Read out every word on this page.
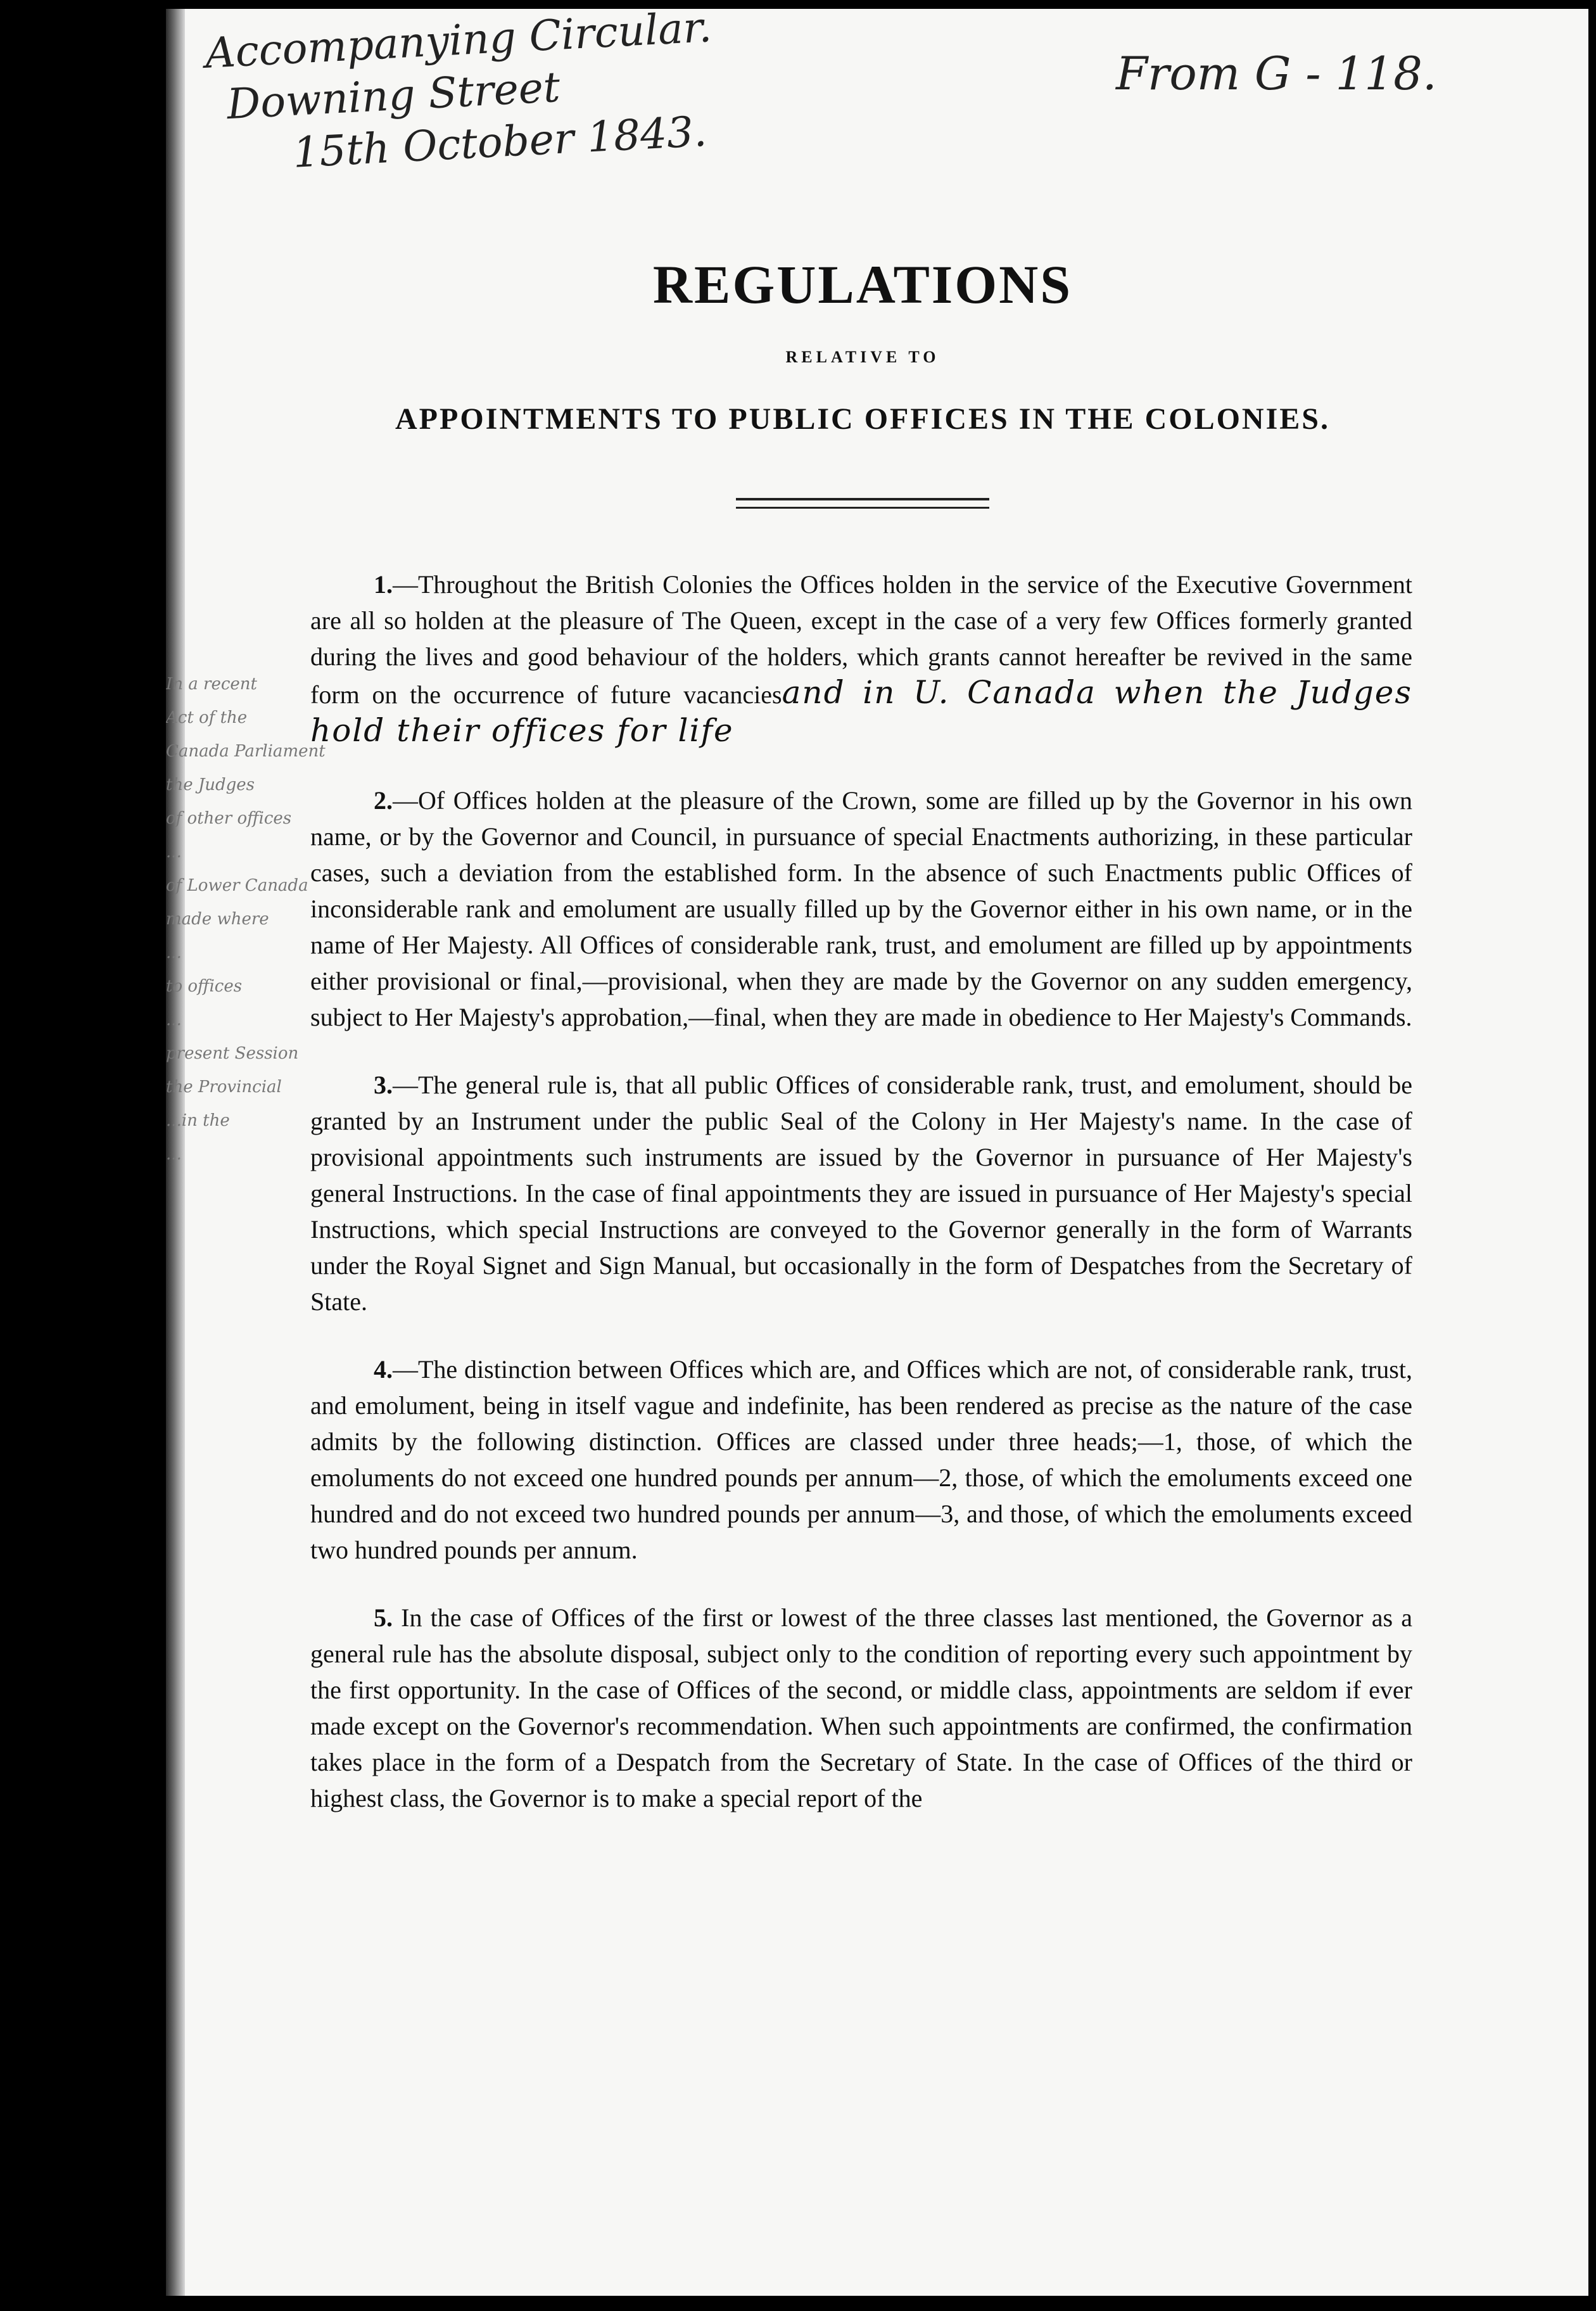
Accompanying Circular.
Downing Street
15th October 1843.
From G - 118.
In a recent
Act of the
Canada Parliament
the Judges
of other offices
...
of Lower Canada
made where
...
to offices
...
present Session
the Provincial
...in the
...
REGULATIONS
RELATIVE TO
APPOINTMENTS TO PUBLIC OFFICES IN THE COLONIES.

1.—Throughout the British Colonies the Offices holden in the service of the Executive Government are all so holden at the pleasure of The Queen, except in the case of a very few Offices formerly granted during the lives and good behaviour of the holders, which grants cannot hereafter be revived in the same form on the occurrence of future vacanciesand in U. Canada when the Judges hold their offices for life

2.—Of Offices holden at the pleasure of the Crown, some are filled up by the Governor in his own name, or by the Governor and Council, in pursuance of special Enactments authorizing, in these particular cases, such a deviation from the established form. In the absence of such Enactments public Offices of inconsiderable rank and emolument are usually filled up by the Governor either in his own name, or in the name of Her Majesty. All Offices of considerable rank, trust, and emolument are filled up by appointments either provisional or final,—provisional, when they are made by the Governor on any sudden emergency, subject to Her Majesty's approbation,—final, when they are made in obedience to Her Majesty's Commands.

3.—The general rule is, that all public Offices of considerable rank, trust, and emolument, should be granted by an Instrument under the public Seal of the Colony in Her Majesty's name. In the case of provisional appointments such instruments are issued by the Governor in pursuance of Her Majesty's general Instructions. In the case of final appointments they are issued in pursuance of Her Majesty's special Instructions, which special Instructions are conveyed to the Governor generally in the form of Warrants under the Royal Signet and Sign Manual, but occasionally in the form of Despatches from the Secretary of State.

4.—The distinction between Offices which are, and Offices which are not, of considerable rank, trust, and emolument, being in itself vague and indefinite, has been rendered as precise as the nature of the case admits by the following distinction. Offices are classed under three heads;—1, those, of which the emoluments do not exceed one hundred pounds per annum—2, those, of which the emoluments exceed one hundred and do not exceed two hundred pounds per annum—3, and those, of which the emoluments exceed two hundred pounds per annum.

5. In the case of Offices of the first or lowest of the three classes last mentioned, the Governor as a general rule has the absolute disposal, subject only to the condition of reporting every such appointment by the first opportunity. In the case of Offices of the second, or middle class, appointments are seldom if ever made except on the Governor's recommendation. When such appointments are confirmed, the confirmation takes place in the form of a Despatch from the Secretary of State. In the case of Offices of the third or highest class, the Governor is to make a special report of the
